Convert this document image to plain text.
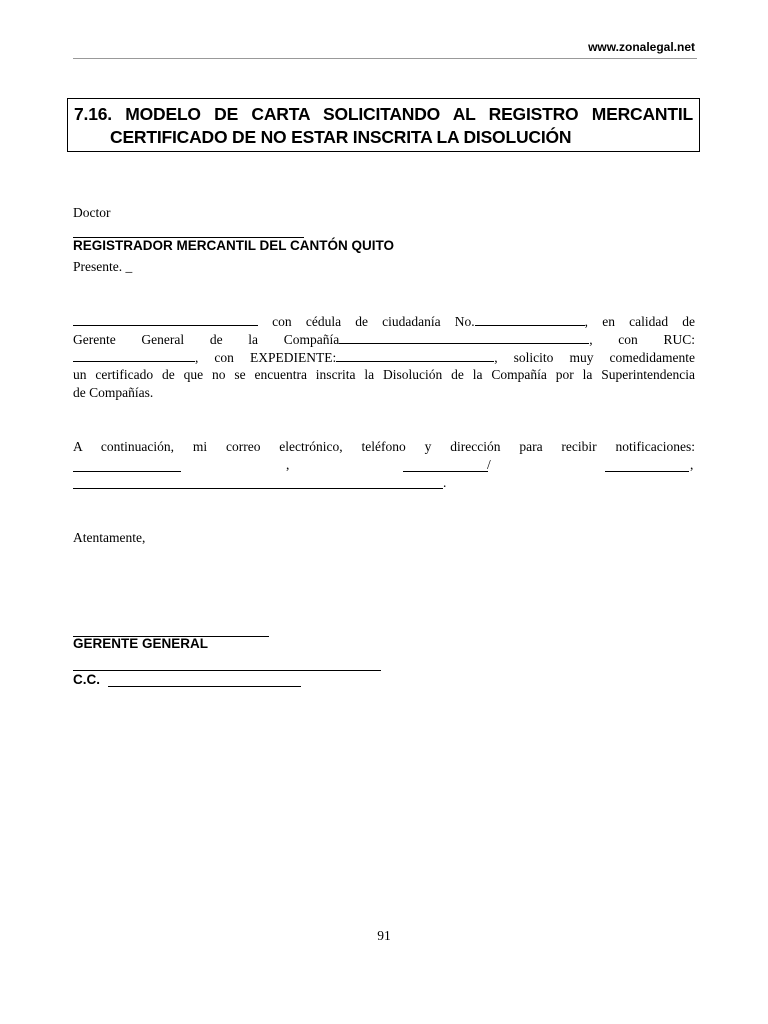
www.zonalegal.net
7.16. MODELO DE CARTA SOLICITANDO AL REGISTRO MERCANTIL
CERTIFICADO DE NO ESTAR INSCRITA LA DISOLUCIÓN
Doctor
REGISTRADOR MERCANTIL DEL CANTÓN QUITO
Presente. _
con cédula de ciudadanía No.	, en calidad de
Gerente General de la Compañía	, con RUC:
, con EXPEDIENTE:	, solicito muy comedidamente
un certificado de que no se encuentra inscrita la Disolución de la Compañía por la Superintendencia
de Compañías.
A continuación, mi correo electrónico, teléfono y dirección para recibir notificaciones:
,	/	,
.
Atentamente,
GERENTE GENERAL
C.C.
91
